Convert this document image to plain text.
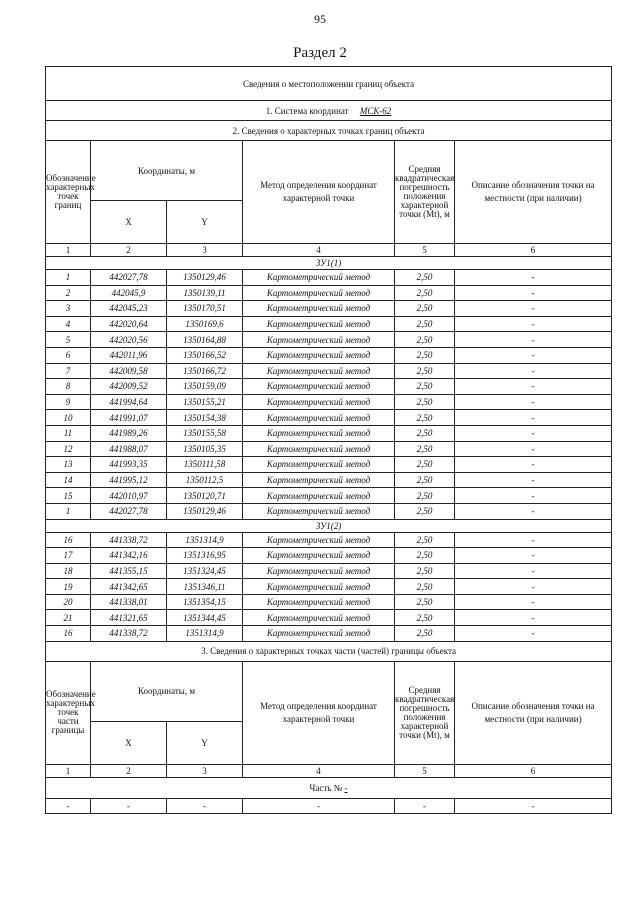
95
Раздел 2
Сведения о местоположении границ объекта					
1. Система координат МСК-62					
2. Сведения о характерных точках границ объекта					
Обозначение характерных точек границ	Координаты, м		Метод определения координат характерной точки	Средняя квадратическая погрешность положения характерной точки (Mt), м	Описание обозначения точки на местности (при наличии)
	X	Y			
1	2	3	4	5	6
ЗУ1(1)					
1	442027,78	1350129,46	Картометрический метод	2,50	-
2	442045,9	1350139,11	Картометрический метод	2,50	-
3	442045,23	1350170,51	Картометрический метод	2,50	-
4	442020,64	1350169,6	Картометрический метод	2,50	-
5	442020,56	1350164,88	Картометрический метод	2,50	-
6	442011,96	1350166,52	Картометрический метод	2,50	-
7	442009,58	1350166,72	Картометрический метод	2,50	-
8	442009,52	1350159,09	Картометрический метод	2,50	-
9	441994,64	1350155,21	Картометрический метод	2,50	-
10	441991,07	1350154,38	Картометрический метод	2,50	-
11	441989,26	1350155,58	Картометрический метод	2,50	-
12	441988,07	1350105,35	Картометрический метод	2,50	-
13	441993,35	1350111,58	Картометрический метод	2,50	-
14	441995,12	1350112,5	Картометрический метод	2,50	-
15	442010,97	1350120,71	Картометрический метод	2,50	-
1	442027,78	1350129,46	Картометрический метод	2,50	-
ЗУ1(2)					
16	441338,72	1351314,9	Картометрический метод	2,50	-
17	441342,16	1351316,95	Картометрический метод	2,50	-
18	441355,15	1351324,45	Картометрический метод	2,50	-
19	441342,65	1351346,11	Картометрический метод	2,50	-
20	441338,01	1351354,15	Картометрический метод	2,50	-
21	441321,65	1351344,45	Картометрический метод	2,50	-
16	441338,72	1351314,9	Картометрический метод	2,50	-
3. Сведения о характерных точках части (частей) границы объекта					
Обозначение характерных точек части границы	Координаты, м		Метод определения координат характерной точки	Средняя квадратическая погрешность положения характерной точки (Mt), м	Описание обозначения точки на местности (при наличии)
	X	Y			
1	2	3	4	5	6
Часть № -					
-	-	-	-	-	-
